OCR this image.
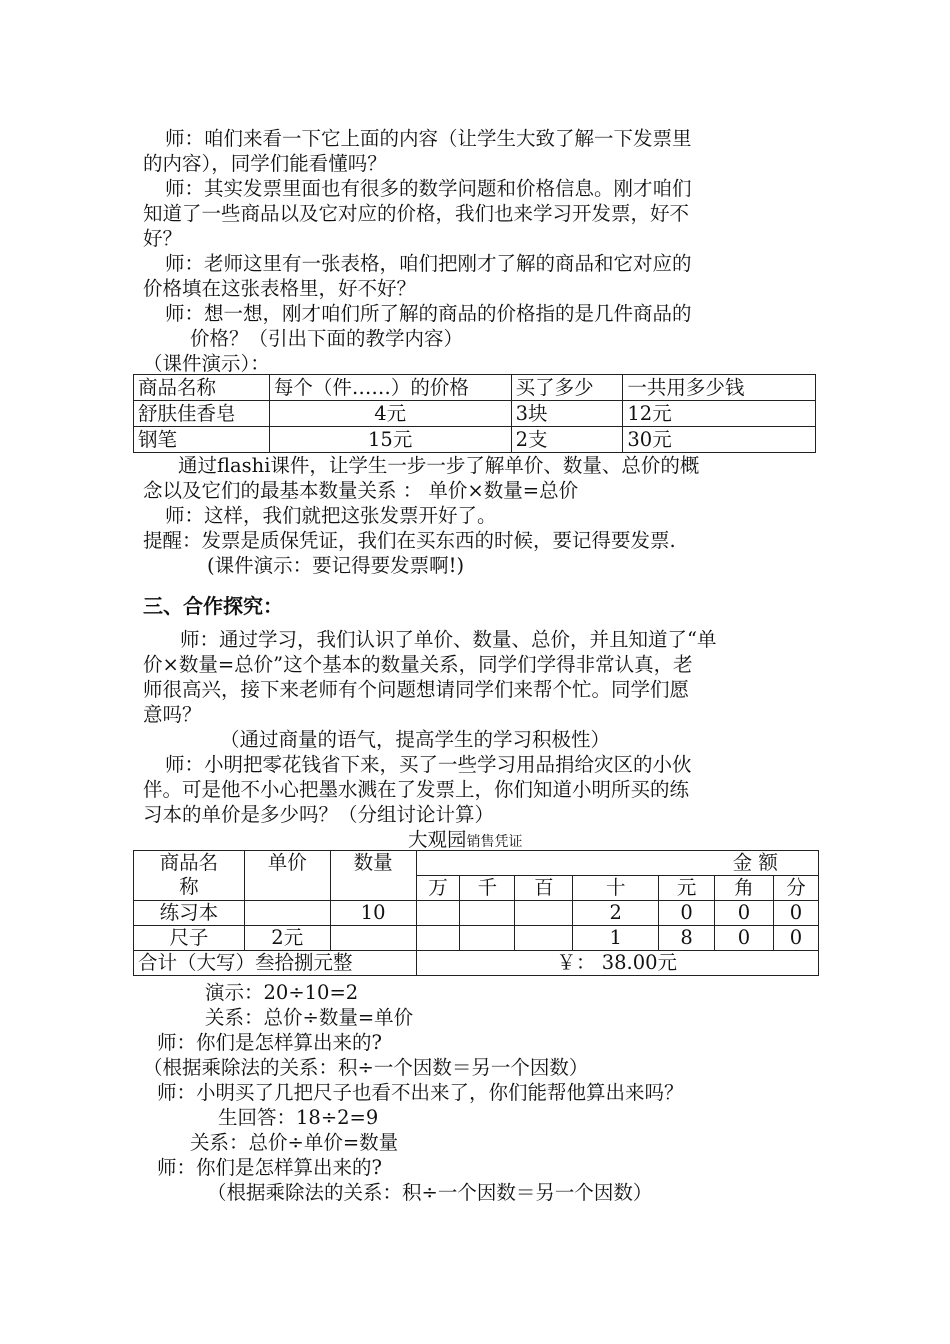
师：咱们来看一下它上面的内容（让学生大致了解一下发票里
的内容），同学们能看懂吗？
师：其实发票里面也有很多的数学问题和价格信息。刚才咱们
知道了一些商品以及它对应的价格，我们也来学习开发票，好不
好？
师：老师这里有一张表格，咱们把刚才了解的商品和它对应的
价格填在这张表格里，好不好？
师：想一想，刚才咱们所了解的商品的价格指的是几件商品的
价格？（引出下面的教学内容）
（课件演示）：
商品名称	每个（件……）的价格	买了多少	一共用多少钱
舒肤佳香皂	4元	3块	12元
钢笔	15元	2支	30元
通过flashi课件，让学生一步一步了解单价、数量、总价的概
念以及它们的最基本数量关系 ： 单价×数量=总价
师：这样，我们就把这张发票开好了。
提醒：发票是质保凭证，我们在买东西的时候，要记得要发票.
(课件演示：要记得要发票啊!)
三、合作探究：
师：通过学习，我们认识了单价、数量、总价，并且知道了“单
价×数量=总价”这个基本的数量关系，同学们学得非常认真，老
师很高兴，接下来老师有个问题想请同学们来帮个忙。同学们愿
意吗？
（通过商量的语气，提高学生的学习积极性）
师：小明把零花钱省下来，买了一些学习用品捐给灾区的小伙
伴。可是他不小心把墨水溅在了发票上，你们知道小明所买的练
习本的单价是多少吗？（分组讨论计算）
大观园销售凭证
商品名
称	单价	数量	金 额						
			万	千	百	十	元	角	分
练习本		10				2	0	0	0
尺子	2元					1	8	0	0
合计（大写）叁拾捌元整			￥： 38.00元						
演示：20÷10=2
关系：总价÷数量=单价
师：你们是怎样算出来的?
（根据乘除法的关系：积÷一个因数＝另一个因数）
师：小明买了几把尺子也看不出来了，你们能帮他算出来吗？
生回答：18÷2=9
关系：总价÷单价=数量
师：你们是怎样算出来的?
（根据乘除法的关系：积÷一个因数＝另一个因数）
